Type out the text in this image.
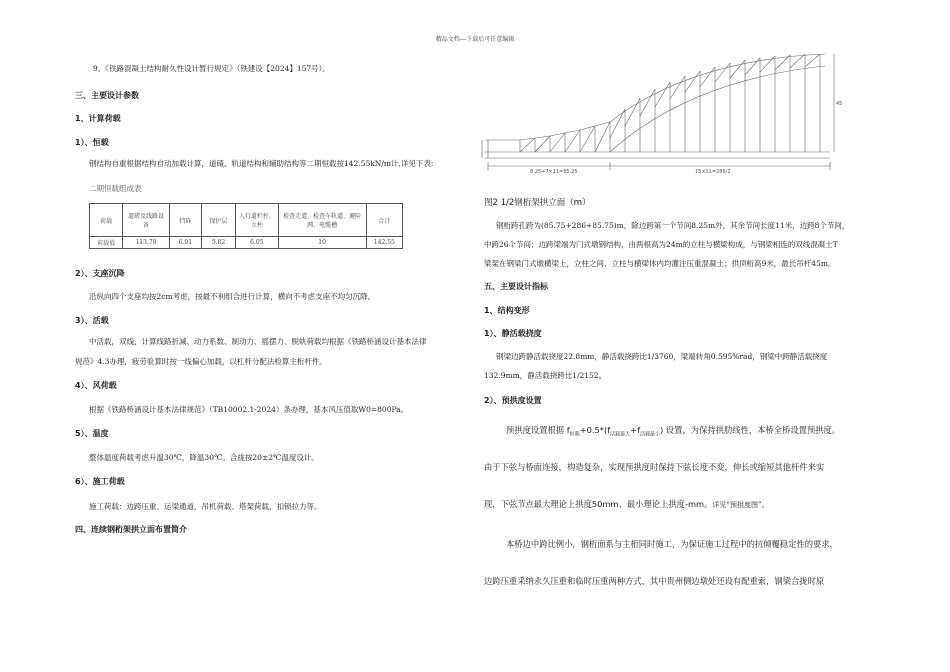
精品文档---下载后可任意编辑

9、《铁路混凝土结构耐久性设计暂行规定》（铁建设【2024】157号）。

三、主要设计参数

1、计算荷载

1）、恒载

钢结构自重根据结构自动加载计算，道碴、轨道结构和辅助结构等二期恒载按142.55kN/m计,详见下表:

二期恒载组成表

荷载	道碴及线路设备	挡砟	保护层	人行道栏杆、立柱	检查走道、检查车轨道、避险网、电缆槽	合计
荷载值	113.78	6.91	5.82	6.05	10	142.55

2）、支座沉降

沿纵向四个支座均按2cm考虑，按最不利组合进行计算，横向不考虑支座不均匀沉降。

3）、活载

中活载，双线，计算线路折减、动力系数、制动力、摇摆力、脱轨荷载均根据《铁路桥涵设计基本法律

规范》4.3办理，疲劳验算时按一线偏心加载，以杠杆分配法检算主桁杆件。

4）、风荷载

根据《铁路桥涵设计基本法律规范》（TB10002.1-2024）条办理，基本风压值取W0=800Pa。

5）、温度

整体温度荷载考虑升温30℃，降温30℃。合拢按20±2℃温度设计。

6）、施工荷载

施工荷载：边跨压重、运梁通道、吊机荷载、塔架荷载、扣锁拉力等。

四、连续钢桁架拱立面布置简介

8.25+7×11=85.25	15×11=286/2
45

图2 1/2钢桁架拱立面（m）

钢桁跨孔跨为(85.75+286+85.75)m，除边跨第一个节间8.25m外，其余节间长度11米，边跨8个节间，

中跨26个节间；边跨梁端为门式墩钢结构，由两根高为24m的立柱与横梁构成，与钢梁相连的双线混凝土T

梁架在钢梁门式墩横梁上，立柱之间、立柱与横梁体内均灌注压重混凝土；拱顶桁高9米，最长吊杆45m。

五、主要设计指标

1、结构变形

1）、静活载挠度

钢梁边跨静活载挠度22.8mm，静活载挠跨比1/3760，梁端转角0.595%rad，钢梁中跨静活载挠度

132.9mm，静活载挠跨比1/2152。

2）、预拱度设置

预拱度设置根据 $f_{恒载}+0.5*(f_{活载最大}+f_{活载最小})$ 设置，为保持拱肋线性，本桥全桥设置预拱度。

由于下弦与桥面连接，构造复杂，实现预拱度时保持下弦长度不变，伸长或缩短其他杆件来实

现，下弦节点最大理论上拱度50mm、最小理论上拱度-mm。详见“预拱度图”。

本桥边中跨比例小，钢桁面系与主桁同时施工，为保证施工过程中的抗倾覆稳定性的要求，

边跨压重采纳永久压重和临时压重两种方式，其中贵州侧边墩处还设有配重索，钢梁合拢时原
